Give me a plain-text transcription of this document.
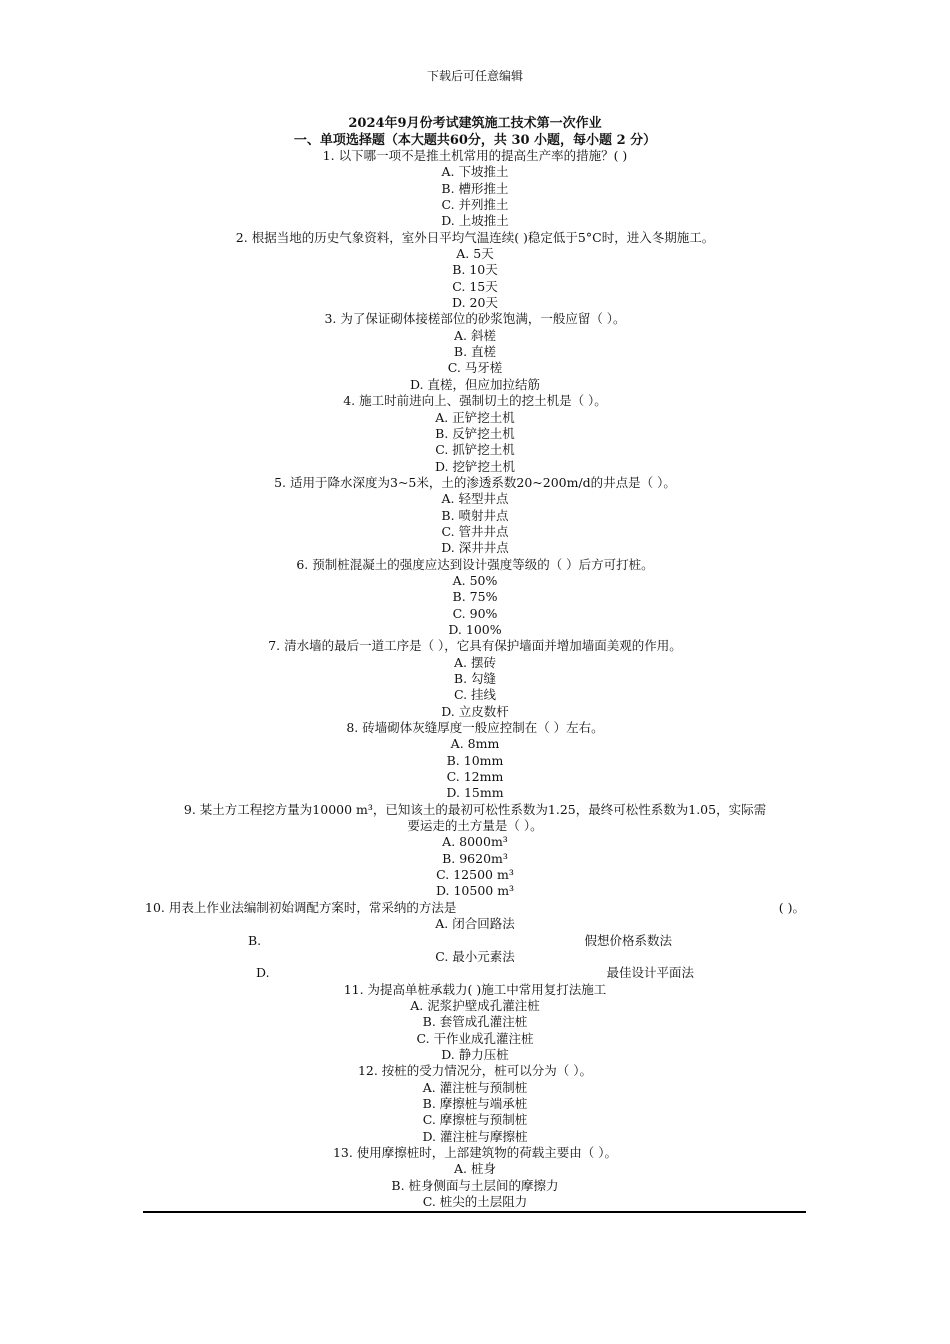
下载后可任意编辑
2024年9月份考试建筑施工技术第一次作业
一、单项选择题（本大题共60分，共 30 小题，每小题 2 分）
1. 以下哪一项不是推土机常用的提高生产率的措施？( )
A. 下坡推土
B. 槽形推土
C. 并列推土
D. 上坡推土
2. 根据当地的历史气象资料，室外日平均气温连续( )稳定低于5°C时，进入冬期施工。
A. 5天
B. 10天
C. 15天
D. 20天
3. 为了保证砌体接槎部位的砂浆饱满，一般应留（ ）。
A. 斜槎
B. 直槎
C. 马牙槎
D. 直槎，但应加拉结筋
4. 施工时前进向上、强制切土的挖土机是（ ）。
A. 正铲挖土机
B. 反铲挖土机
C. 抓铲挖土机
D. 挖铲挖土机
5. 适用于降水深度为3~5米，土的渗透系数20~200m/d的井点是（ ）。
A. 轻型井点
B. 喷射井点
C. 管井井点
D. 深井井点
6. 预制桩混凝土的强度应达到设计强度等级的（ ）后方可打桩。
A. 50%
B. 75%
C. 90%
D. 100%
7. 清水墙的最后一道工序是（ ），它具有保护墙面并增加墙面美观的作用。
A. 摆砖
B. 勾缝
C. 挂线
D. 立皮数杆
8. 砖墙砌体灰缝厚度一般应控制在（ ）左右。
A. 8mm
B. 10mm
C. 12mm
D. 15mm
9. 某土方工程挖方量为10000 m³，已知该土的最初可松性系数为1.25，最终可松性系数为1.05，实际需
要运走的土方量是（ ）。
A. 8000m³
B. 9620m³
C. 12500 m³
D. 10500 m³
10. 用表上作业法编制初始调配方案时，常采纳的方法是	( )。
A. 闭合回路法
B.	假想价格系数法
C. 最小元素法
D.	最佳设计平面法
11. 为提高单桩承载力( )施工中常用复打法施工
A. 泥浆护壁成孔灌注桩
B. 套管成孔灌注桩
C. 干作业成孔灌注桩
D. 静力压桩
12. 按桩的受力情况分，桩可以分为（ ）。
A. 灌注桩与预制桩
B. 摩擦桩与端承桩
C. 摩擦桩与预制桩
D. 灌注桩与摩擦桩
13. 使用摩擦桩时，上部建筑物的荷载主要由（ ）。
A. 桩身
B. 桩身侧面与土层间的摩擦力
C. 桩尖的土层阻力
